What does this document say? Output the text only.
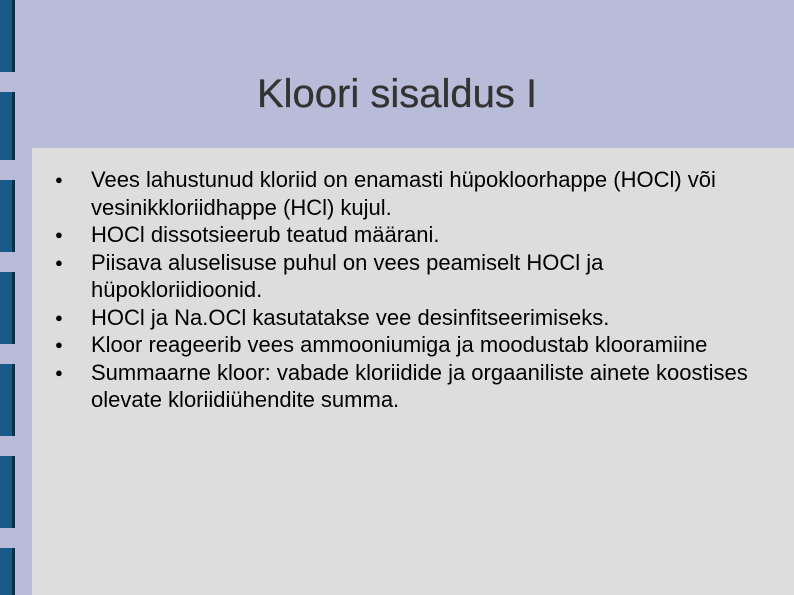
Kloori sisaldus I
● Vees lahustunud kloriid on enamasti hüpokloorhappe (HOCl) või vesinikkloriidhappe (HCl) kujul.
● HOCl dissotsieerub teatud määrani.
● Piisava aluselisuse puhul on vees peamiselt HOCl ja hüpokloriidioonid.
● HOCl ja Na.OCl kasutatakse vee desinfitseerimiseks.
● Kloor reageerib vees ammooniumiga ja moodustab klooramiine
● Summaarne kloor: vabade kloriidide ja orgaaniliste ainete koostises olevate kloriidiühendite summa.
